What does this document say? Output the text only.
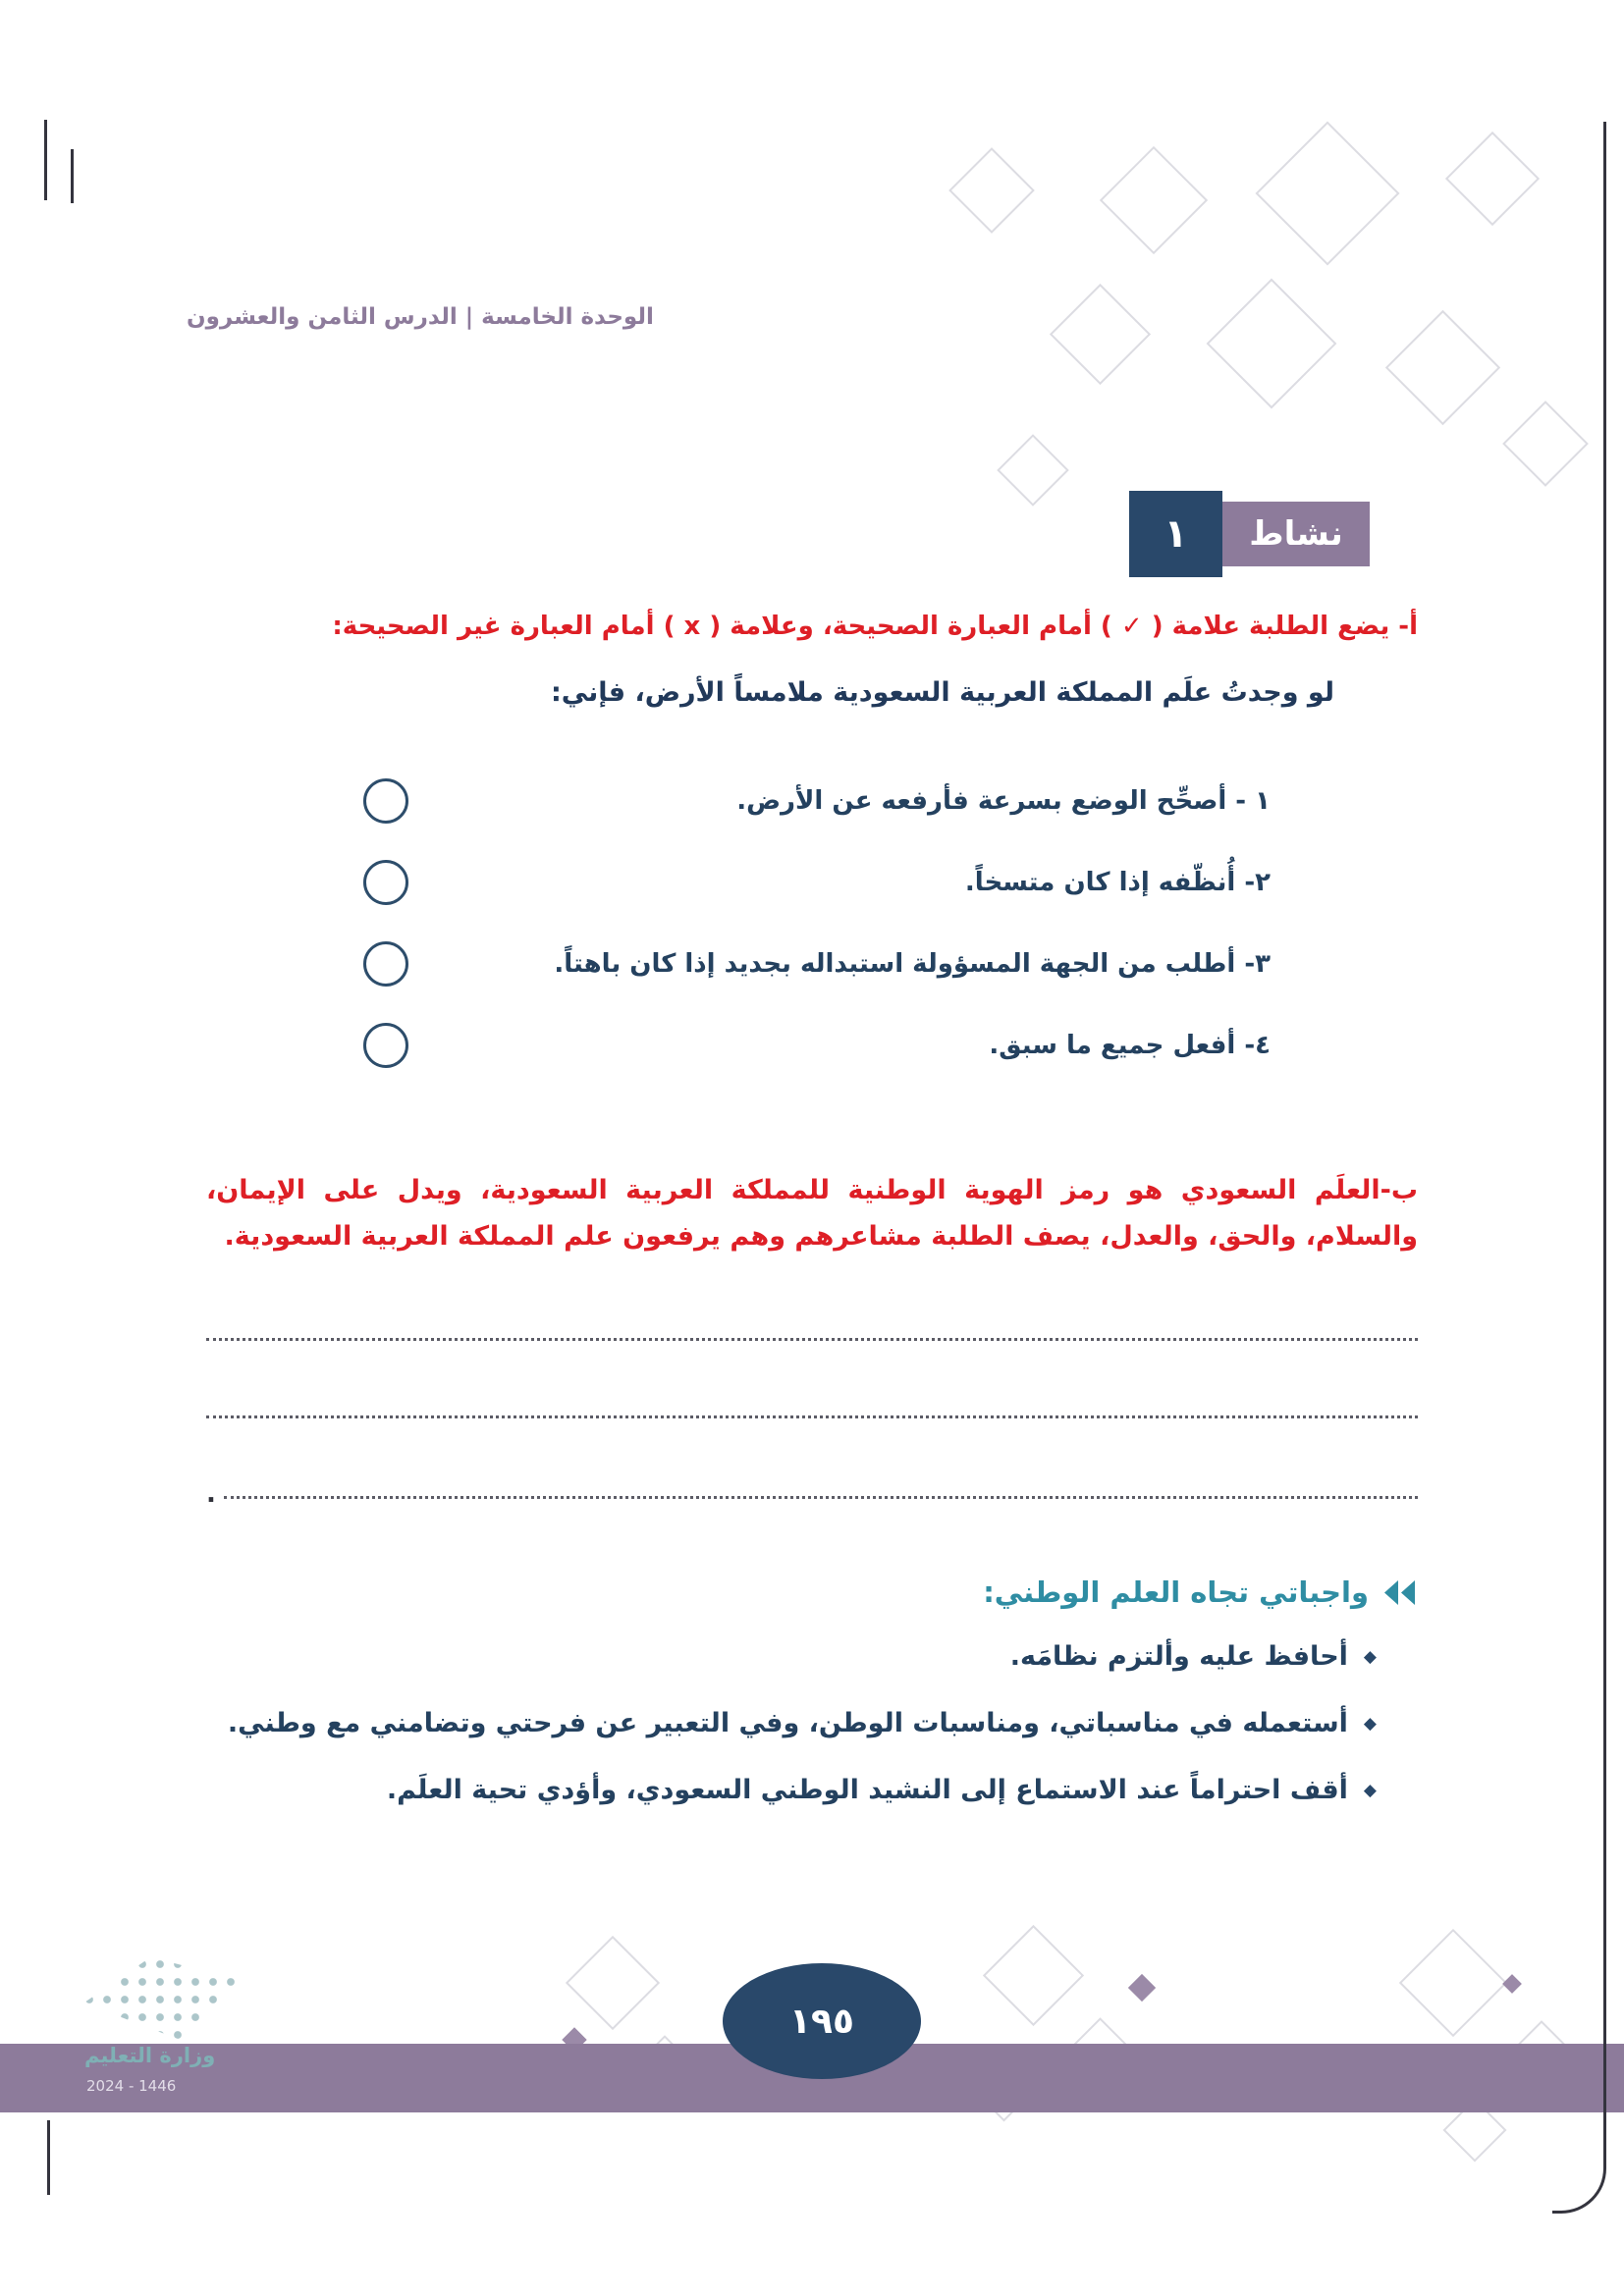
الوحدة الخامسة | الدرس الثامن والعشرون
نشاط
١

أ- يضع الطلبة علامة ( ✓ ) أمام العبارة الصحيحة، وعلامة ( x ) أمام العبارة غير الصحيحة:

لو وجدتُ علَم المملكة العربية السعودية ملامساً الأرض، فإني:

١ - أصحِّح الوضع بسرعة فأرفعه عن الأرض.
٢- أُنظّفه إذا كان متسخاً.
٣- أطلب من الجهة المسؤولة استبداله بجديد إذا كان باهتاً.
٤- أفعل جميع ما سبق.

ب-العلَم السعودي هو رمز الهوية الوطنية للمملكة العربية السعودية، ويدل على الإيمان، والسلام، والحق، والعدل، يصف الطلبة مشاعرهم وهم يرفعون علم المملكة العربية السعودية.

.
واجباتي تجاه العلم الوطني:
◆
أحافظ عليه وألتزم نظامَه.
◆
أستعمله في مناسباتي، ومناسبات الوطن، وفي التعبير عن فرحتي وتضامني مع وطني.
◆
أقف احتراماً عند الاستماع إلى النشيد الوطني السعودي، وأؤدي تحية العلَم.
١٩٥
وزارة التعليم
2024 - 1446
